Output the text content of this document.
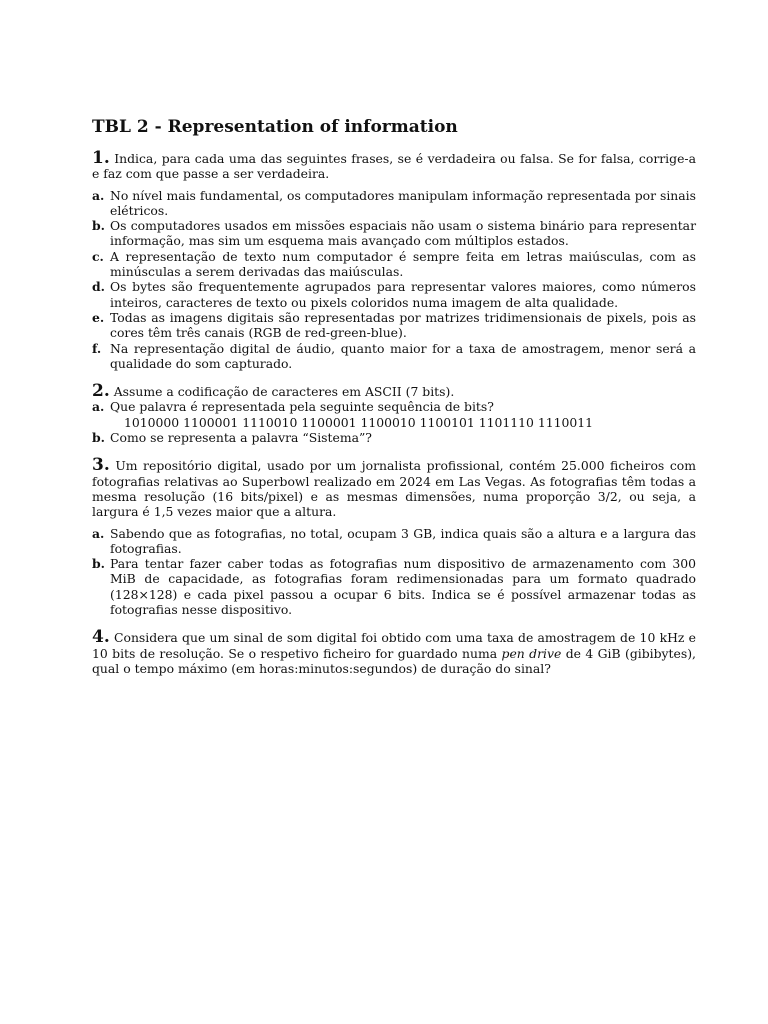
TBL 2 - Representation of information

1. Indica, para cada uma das seguintes frases, se é verdadeira ou falsa. Se for falsa, corrige-a e faz com que passe a ser verdadeira.

a. No nível mais fundamental, os computadores manipulam informação representada por sinais elétricos.
b. Os computadores usados em missões espaciais não usam o sistema binário para representar informação, mas sim um esquema mais avançado com múltiplos estados.
c. A representação de texto num computador é sempre feita em letras maiúsculas, com as minúsculas a serem derivadas das maiúsculas.
d. Os bytes são frequentemente agrupados para representar valores maiores, como números inteiros, caracteres de texto ou pixels coloridos numa imagem de alta qualidade.
e. Todas as imagens digitais são representadas por matrizes tridimensionais de pixels, pois as cores têm três canais (RGB de red-green-blue).
f. Na representação digital de áudio, quanto maior for a taxa de amostragem, menor será a qualidade do som capturado.

2. Assume a codificação de caracteres em ASCII (7 bits).

a. Que palavra é representada pela seguinte sequência de bits?

1010000 1100001 1110010 1100001 1100010 1100101 1101110 1110011

b. Como se representa a palavra “Sistema”?

3. Um repositório digital, usado por um jornalista profissional, contém 25.000 ficheiros com fotografias relativas ao Superbowl realizado em 2024 em Las Vegas. As fotografias têm todas a mesma resolução (16 bits/pixel) e as mesmas dimensões, numa proporção 3/2, ou seja, a largura é 1,5 vezes maior que a altura.

a. Sabendo que as fotografias, no total, ocupam 3 GB, indica quais são a altura e a largura das fotografias.
b. Para tentar fazer caber todas as fotografias num dispositivo de armazenamento com 300 MiB de capacidade, as fotografias foram redimensionadas para um formato quadrado (128×128) e cada pixel passou a ocupar 6 bits. Indica se é possível armazenar todas as fotografias nesse dispositivo.

4. Considera que um sinal de som digital foi obtido com uma taxa de amostragem de 10 kHz e 10 bits de resolução. Se o respetivo ficheiro for guardado numa pen drive de 4 GiB (gibibytes), qual o tempo máximo (em horas:minutos:segundos) de duração do sinal?
